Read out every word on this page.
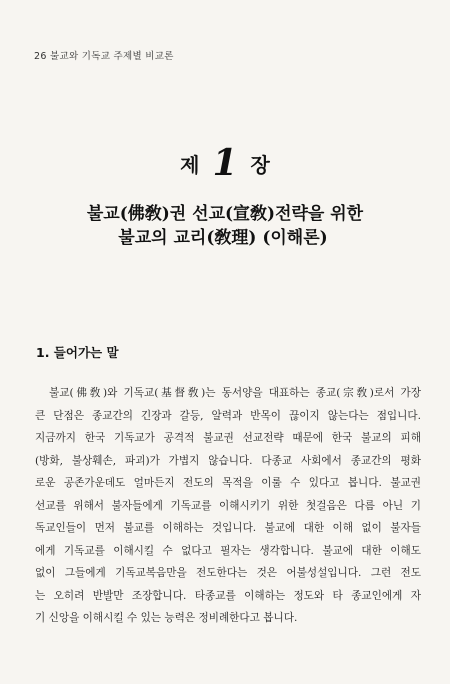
26 불교와 기독교 주제별 비교론
제 1 장
불교(佛敎)권 선교(宣敎)전략을 위한
불교의 교리(敎理) (이해론)
1. 들어가는 말
불교(佛敎)와 기독교(基督敎)는 동서양을 대표하는 종교(宗敎)로서 가장
큰 단점은 종교간의 긴장과 갈등, 알력과 반목이 끊이지 않는다는 점입니다.
지금까지 한국 기독교가 공격적 불교권 선교전략 때문에 한국 불교의 피해
(방화, 불상훼손, 파괴)가 가볍지 않습니다. 다종교 사회에서 종교간의 평화
로운 공존가운데도 얼마든지 전도의 목적을 이룰 수 있다고 봅니다. 불교권
선교를 위해서 불자들에게 기독교를 이해시키기 위한 첫걸음은 다름 아닌 기
독교인들이 먼저 불교를 이해하는 것입니다. 불교에 대한 이해 없이 불자들
에게 기독교를 이해시킬 수 없다고 필자는 생각합니다. 불교에 대한 이해도
없이 그들에게 기독교복음만을 전도한다는 것은 어불성설입니다. 그런 전도
는 오히려 반발만 조장합니다. 타종교를 이해하는 정도와 타 종교인에게 자
기 신앙을 이해시킬 수 있는 능력은 정비례한다고 봅니다.
